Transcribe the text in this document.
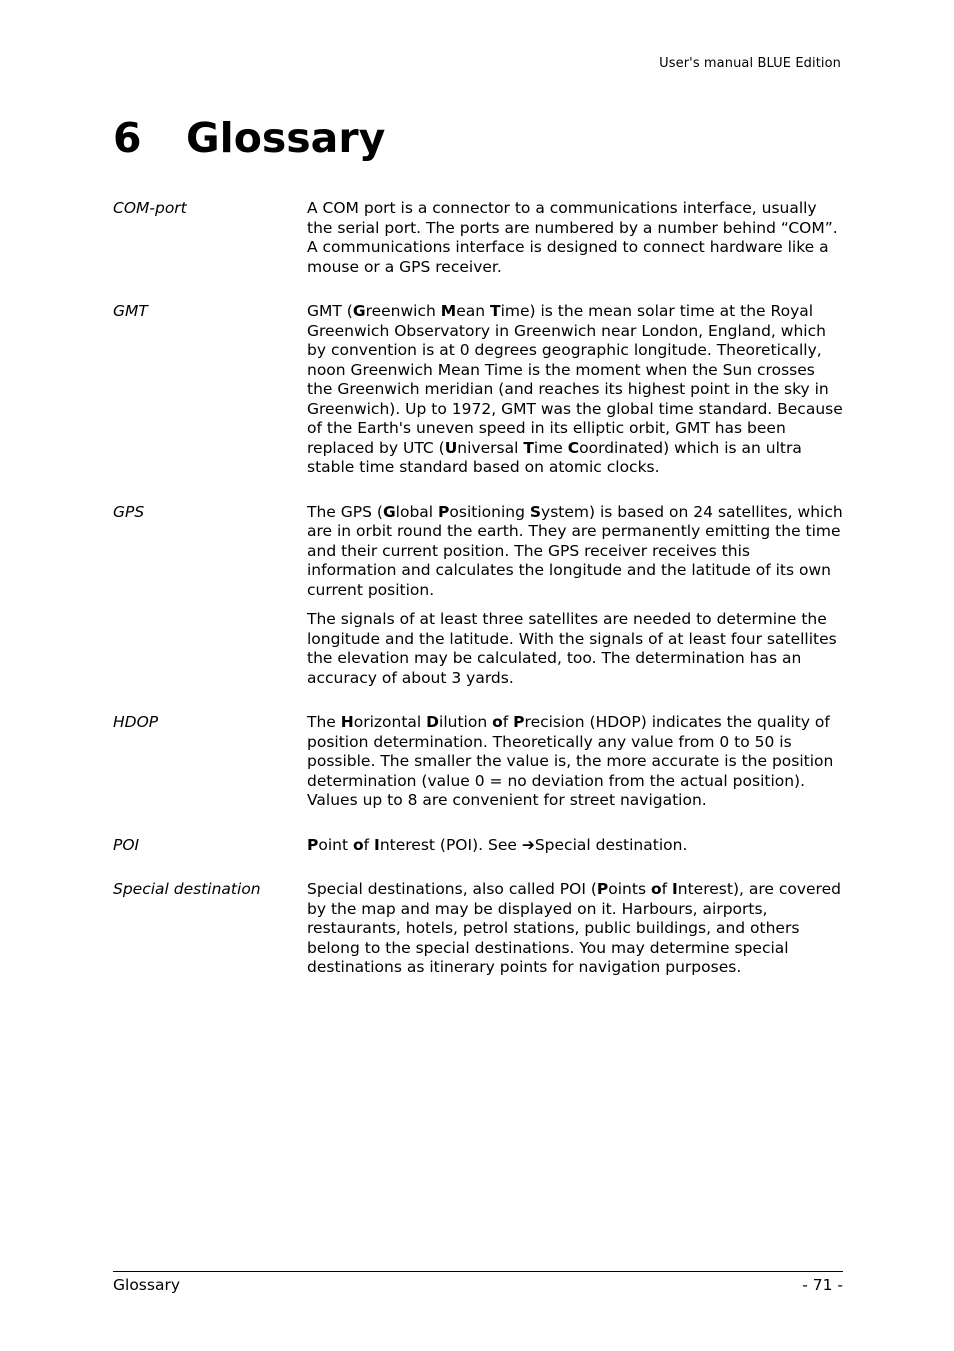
User's manual BLUE Edition
6 Glossary
COM-port	A COM port is a connector to a communications interface, usually the serial port. The ports are numbered by a number behind “COM”. A communications interface is designed to connect hardware like a mouse or a GPS receiver.

GMT	GMT (Greenwich Mean Time) is the mean solar time at the Royal Greenwich Observatory in Greenwich near London, England, which by convention is at 0 degrees geographic longitude. Theoretically, noon Greenwich Mean Time is the moment when the Sun crosses the Greenwich meridian (and reaches its highest point in the sky in Greenwich). Up to 1972, GMT was the global time standard. Because of the Earth's uneven speed in its elliptic orbit, GMT has been replaced by UTC (Universal Time Coordinated) which is an ultra stable time standard based on atomic clocks.

GPS	The GPS (Global Positioning System) is based on 24 satellites, which are in orbit round the earth. They are permanently emitting the time and their current position. The GPS receiver receives this information and calculates the longitude and the latitude of its own current position.

The signals of at least three satellites are needed to determine the longitude and the latitude. With the signals of at least four satellites the elevation may be calculated, too. The determination has an accuracy of about 3 yards.

HDOP	The Horizontal Dilution of Precision (HDOP) indicates the quality of position determination. Theoretically any value from 0 to 50 is possible. The smaller the value is, the more accurate is the position determination (value 0 = no deviation from the actual position). Values up to 8 are convenient for street navigation.

POI	Point of Interest (POI). See ➔Special destination.

Special destination	Special destinations, also called POI (Points of Interest), are covered by the map and may be displayed on it. Harbours, airports, restaurants, hotels, petrol stations, public buildings, and others belong to the special destinations. You may determine special destinations as itinerary points for navigation purposes.

Glossary	- 71 -
